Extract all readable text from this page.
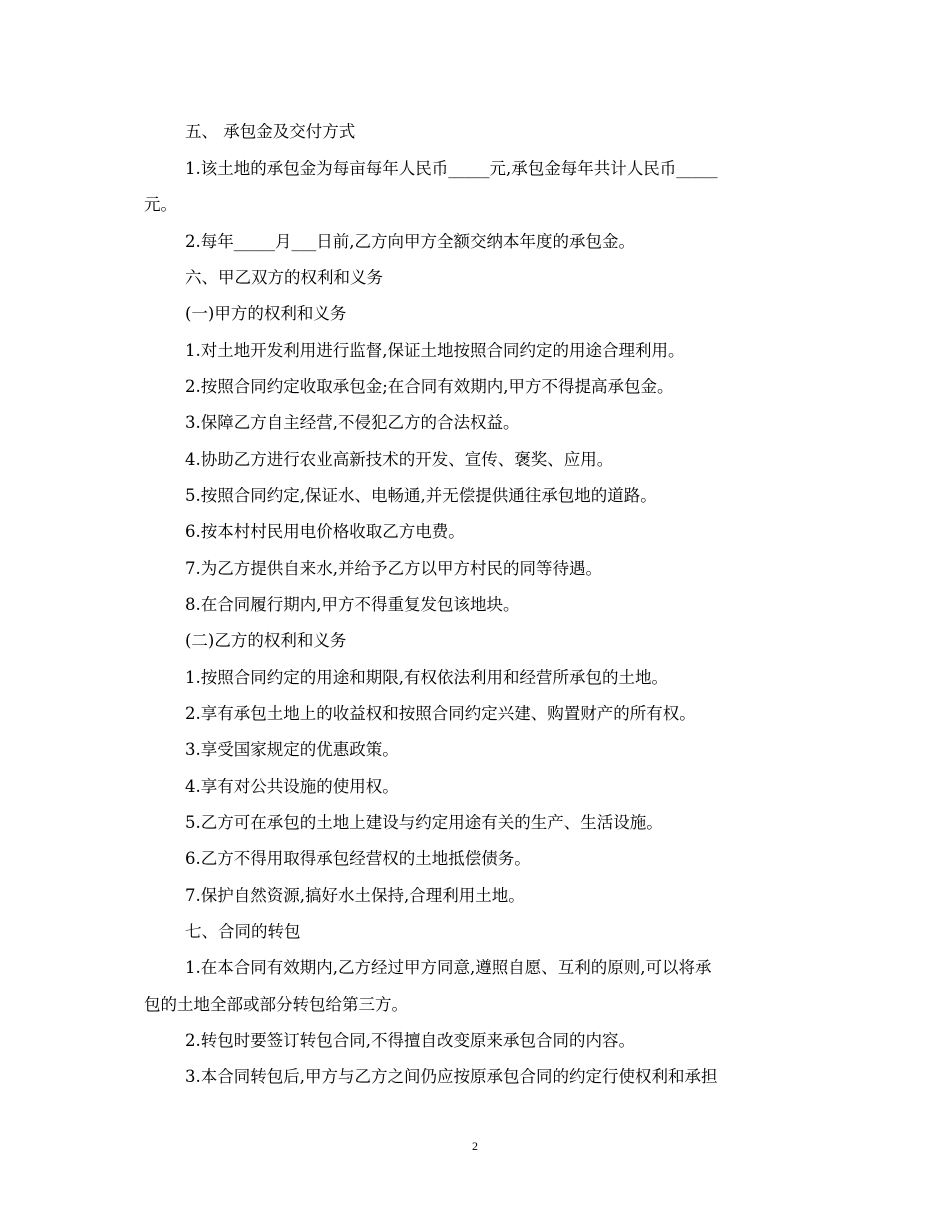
五、 承包金及交付方式
1.该土地的承包金为每亩每年人民币_____元,承包金每年共计人民币_____
元。
2.每年_____月___日前,乙方向甲方全额交纳本年度的承包金。
六、甲乙双方的权利和义务
(一)甲方的权利和义务
1.对土地开发利用进行监督,保证土地按照合同约定的用途合理利用。
2.按照合同约定收取承包金;在合同有效期内,甲方不得提高承包金。
3.保障乙方自主经营,不侵犯乙方的合法权益。
4.协助乙方进行农业高新技术的开发、宣传、褒奖、应用。
5.按照合同约定,保证水、电畅通,并无偿提供通往承包地的道路。
6.按本村村民用电价格收取乙方电费。
7.为乙方提供自来水,并给予乙方以甲方村民的同等待遇。
8.在合同履行期内,甲方不得重复发包该地块。
(二)乙方的权利和义务
1.按照合同约定的用途和期限,有权依法利用和经营所承包的土地。
2.享有承包土地上的收益权和按照合同约定兴建、购置财产的所有权。
3.享受国家规定的优惠政策。
4.享有对公共设施的使用权。
5.乙方可在承包的土地上建设与约定用途有关的生产、生活设施。
6.乙方不得用取得承包经营权的土地抵偿债务。
7.保护自然资源,搞好水土保持,合理利用土地。
七、合同的转包
1.在本合同有效期内,乙方经过甲方同意,遵照自愿、互利的原则,可以将承
包的土地全部或部分转包给第三方。
2.转包时要签订转包合同,不得擅自改变原来承包合同的内容。
3.本合同转包后,甲方与乙方之间仍应按原承包合同的约定行使权利和承担
2
